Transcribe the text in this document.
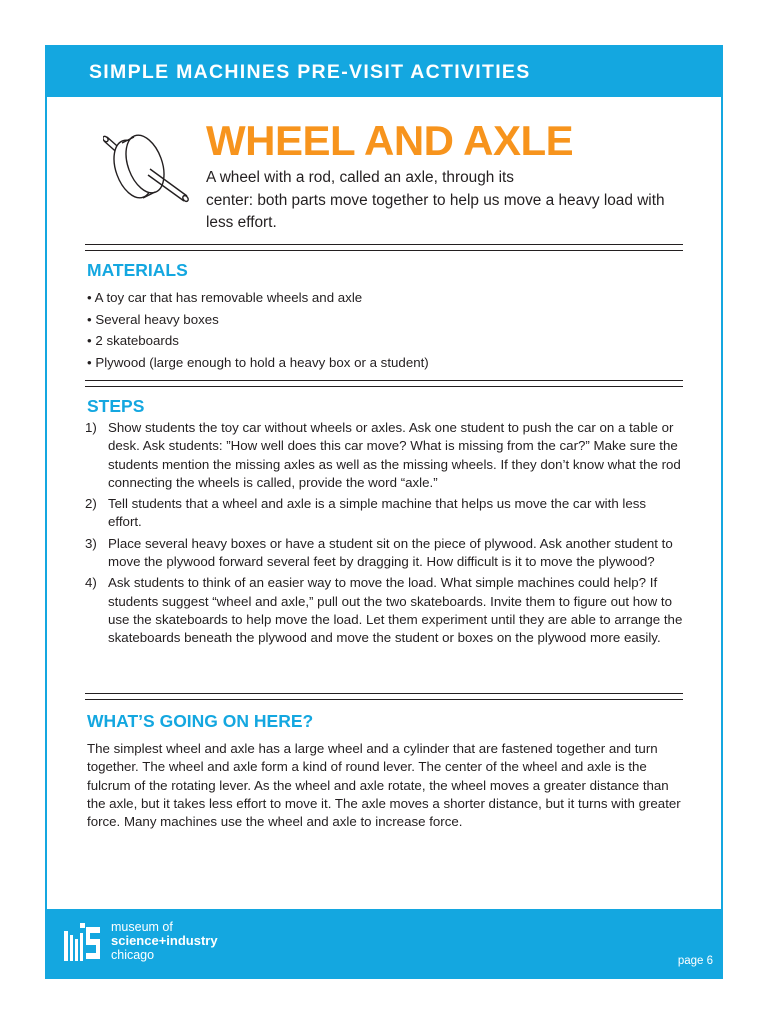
SIMPLE MACHINES PRE-VISIT ACTIVITIES
WHEEL AND AXLE
A wheel with a rod, called an axle, through its
center: both parts move together to help us move a heavy load with less effort.
MATERIALS
• A toy car that has removable wheels and axle
• Several heavy boxes
• 2 skateboards
• Plywood (large enough to hold a heavy box or a student)
STEPS
1) Show students the toy car without wheels or axles. Ask one student to push the car on a table or desk. Ask students: ”How well does this car move? What is missing from the car?” Make sure the students mention the missing axles as well as the missing wheels. If they don’t know what the rod connecting the wheels is called, provide the word “axle.”
2) Tell students that a wheel and axle is a simple machine that helps us move the car with less effort.
3) Place several heavy boxes or have a student sit on the piece of plywood. Ask another student to move the plywood forward several feet by dragging it. How difficult is it to move the plywood?
4) Ask students to think of an easier way to move the load. What simple machines could help? If students suggest “wheel and axle,” pull out the two skateboards. Invite them to figure out how to use the skateboards to help move the load. Let them experiment until they are able to arrange the skateboards beneath the plywood and move the student or boxes on the plywood more easily.
WHAT’S GOING ON HERE?
The simplest wheel and axle has a large wheel and a cylinder that are fastened together and turn together. The wheel and axle form a kind of round lever. The center of the wheel and axle is the fulcrum of the rotating lever. As the wheel and axle rotate, the wheel moves a greater distance than the axle, but it takes less effort to move it. The axle moves a shorter distance, but it turns with greater force. Many machines use the wheel and axle to increase force.
museum of
science+industry
chicago	page 6
